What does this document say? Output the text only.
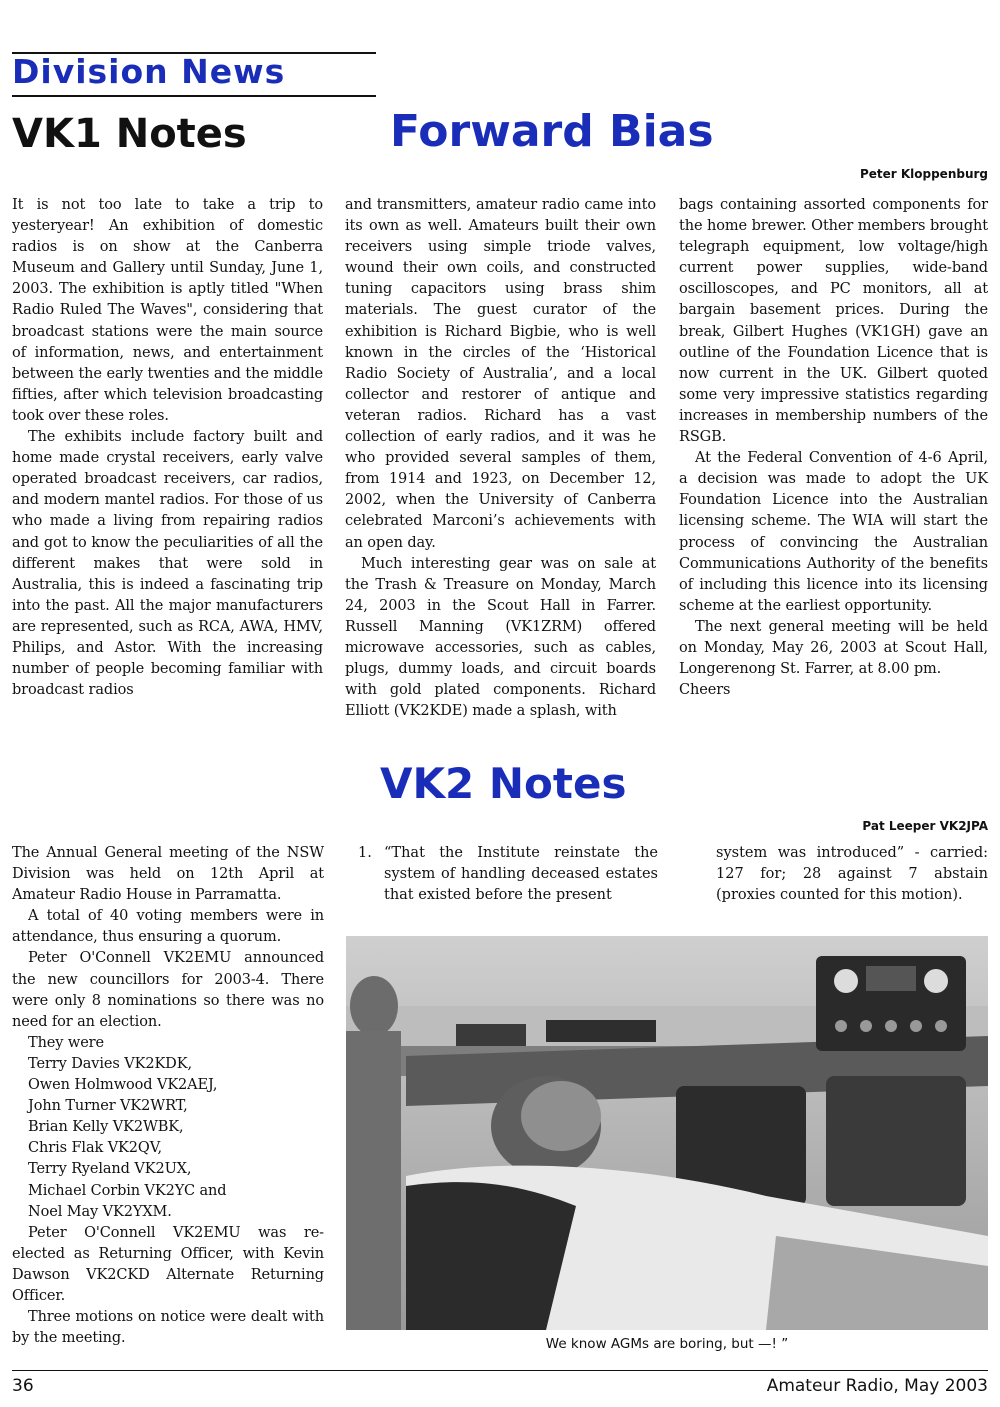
Division News
VK1 Notes	Forward Bias
Peter Kloppenburg

It is not too late to take a trip to yesteryear! An exhibition of domestic radios is on show at the Canberra Museum and Gallery until Sunday, June 1, 2003. The exhibition is aptly titled "When Radio Ruled The Waves", considering that broadcast stations were the main source of information, news, and entertainment between the early twenties and the middle fifties, after which television broadcasting took over these roles.

The exhibits include factory built and home made crystal receivers, early valve operated broadcast receivers, car radios, and modern mantel radios. For those of us who made a living from repairing radios and got to know the peculiarities of all the different makes that were sold in Australia, this is indeed a fascinating trip into the past. All the major manufacturers are represented, such as RCA, AWA, HMV, Philips, and Astor. With the increasing number of people becoming familiar with broadcast radios

and transmitters, amateur radio came into its own as well. Amateurs built their own receivers using simple triode valves, wound their own coils, and constructed tuning capacitors using brass shim materials. The guest curator of the exhibition is Richard Bigbie, who is well known in the circles of the ‘Historical Radio Society of Australia’, and a local collector and restorer of antique and veteran radios. Richard has a vast collection of early radios, and it was he who provided several samples of them, from 1914 and 1923, on December 12, 2002, when the University of Canberra celebrated Marconi’s achievements with an open day.

Much interesting gear was on sale at the Trash & Treasure on Monday, March 24, 2003 in the Scout Hall in Farrer. Russell Manning (VK1ZRM) offered microwave accessories, such as cables, plugs, dummy loads, and circuit boards with gold plated components. Richard Elliott (VK2KDE) made a splash, with

bags containing assorted components for the home brewer. Other members brought telegraph equipment, low voltage/high current power supplies, wide-band oscilloscopes, and PC monitors, all at bargain basement prices. During the break, Gilbert Hughes (VK1GH) gave an outline of the Foundation Licence that is now current in the UK. Gilbert quoted some very impressive statistics regarding increases in membership numbers of the RSGB.

At the Federal Convention of 4-6 April, a decision was made to adopt the UK Foundation Licence into the Australian licensing scheme. The WIA will start the process of convincing the Australian Communications Authority of the benefits of including this licence into its licensing scheme at the earliest opportunity.

The next general meeting will be held on Monday, May 26, 2003 at Scout Hall, Longerenong St. Farrer, at 8.00 pm.

Cheers

VK2 Notes
Pat Leeper VK2JPA

The Annual General meeting of the NSW Division was held on 12th April at Amateur Radio House in Parramatta.

A total of 40 voting members were in attendance, thus ensuring a quorum.

Peter O'Connell VK2EMU announced the new councillors for 2003-4. There were only 8 nominations so there was no need for an election.

They were

Terry Davies VK2KDK,
Owen Holmwood VK2AEJ,
John Turner VK2WRT,
Brian Kelly VK2WBK,
Chris Flak VK2QV,
Terry Ryeland VK2UX,
Michael Corbin VK2YC and
Noel May VK2YXM.

Peter O'Connell VK2EMU was re-elected as Returning Officer, with Kevin Dawson VK2CKD Alternate Returning Officer.

Three motions on notice were dealt with by the meeting.

1. “That the Institute reinstate the system of handling deceased estates that existed before the present
system was introduced” - carried: 127 for; 28 against 7 abstain (proxies counted for this motion).
We know AGMs are boring, but —! ”
36	Amateur Radio, May 2003
